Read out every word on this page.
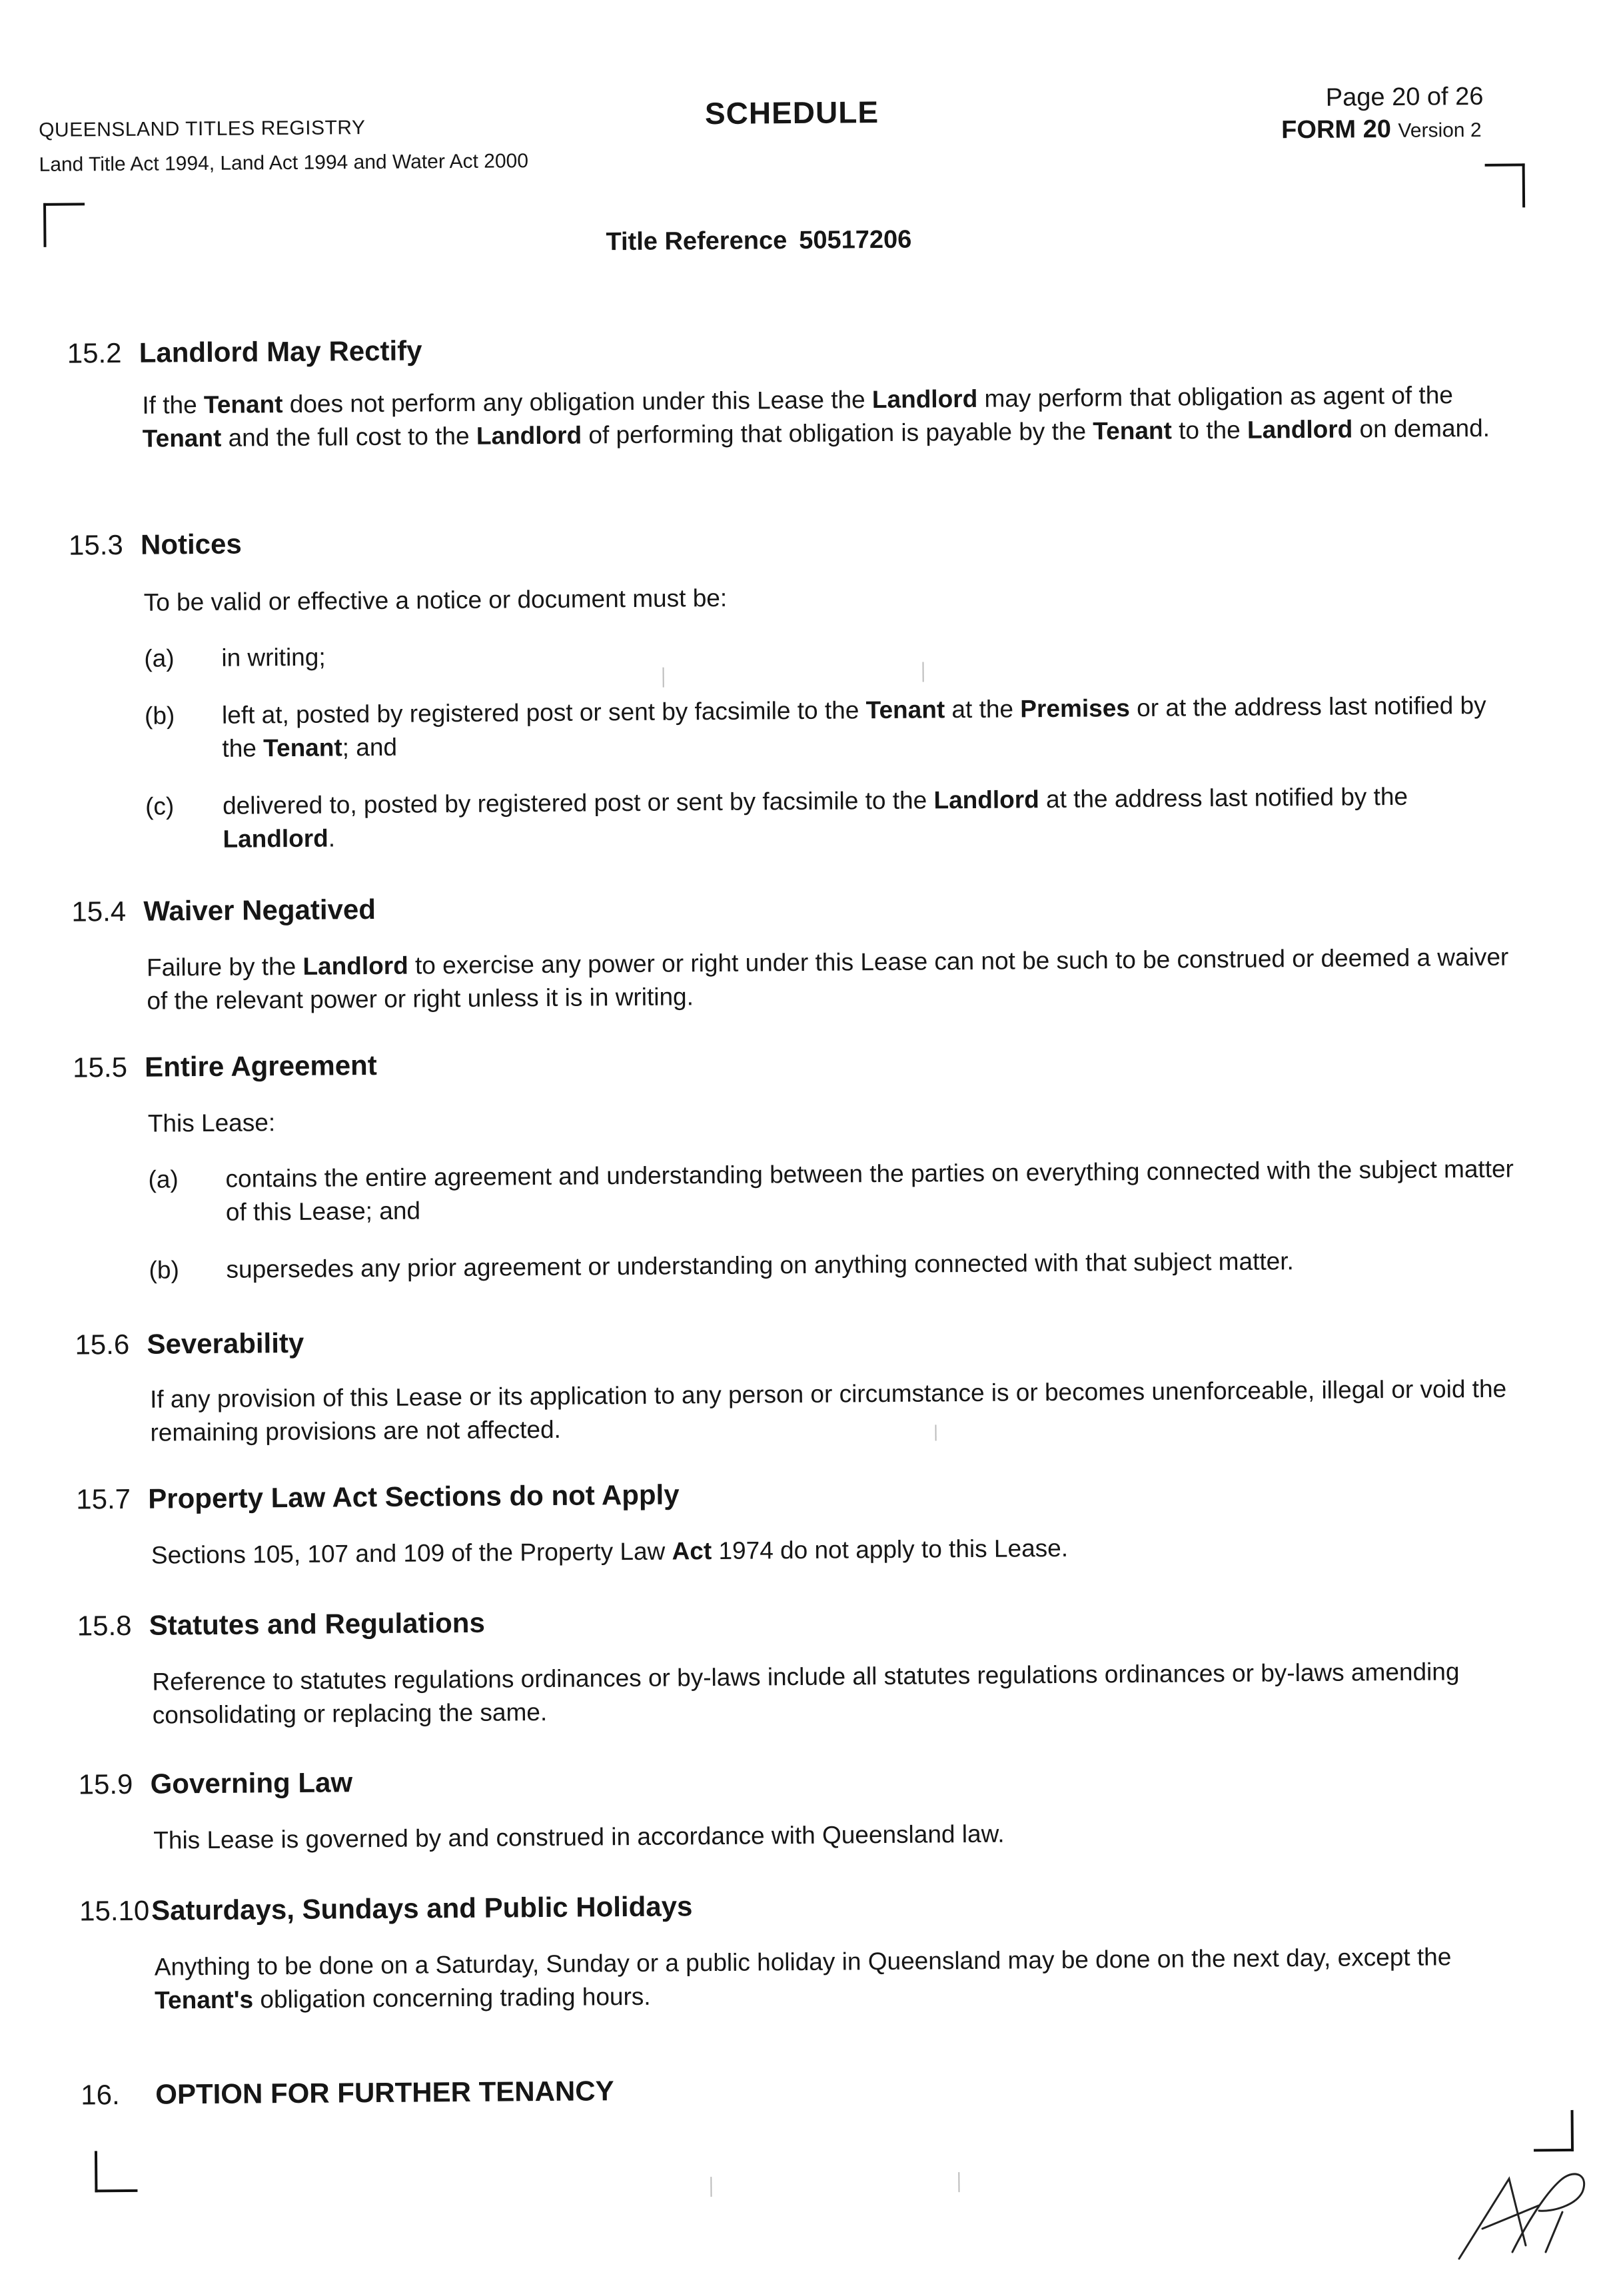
QUEENSLAND TITLES REGISTRY
Land Title Act 1994, Land Act 1994 and Water Act 2000
SCHEDULE	Page 20 of 26
FORM 20 Version 2
Title Reference 50517206
15.2 Landlord May Rectify
If the Tenant does not perform any obligation under this Lease the Landlord may perform that obligation as agent of the Tenant and the full cost to the Landlord of performing that obligation is payable by the Tenant to the Landlord on demand.
15.3 Notices
To be valid or effective a notice or document must be:
(a)	in writing;
(b)	left at, posted by registered post or sent by facsimile to the Tenant at the Premises or at the address last notified by the Tenant; and
(c)	delivered to, posted by registered post or sent by facsimile to the Landlord at the address last notified by the Landlord.
15.4 Waiver Negatived
Failure by the Landlord to exercise any power or right under this Lease can not be such to be construed or deemed a waiver of the relevant power or right unless it is in writing.
15.5 Entire Agreement
This Lease:
(a)	contains the entire agreement and understanding between the parties on everything connected with the subject matter of this Lease; and
(b)	supersedes any prior agreement or understanding on anything connected with that subject matter.
15.6 Severability
If any provision of this Lease or its application to any person or circumstance is or becomes unenforceable, illegal or void the remaining provisions are not affected.
15.7 Property Law Act Sections do not Apply
Sections 105, 107 and 109 of the Property Law Act 1974 do not apply to this Lease.
15.8 Statutes and Regulations
Reference to statutes regulations ordinances or by-laws include all statutes regulations ordinances or by-laws amending consolidating or replacing the same.
15.9 Governing Law
This Lease is governed by and construed in accordance with Queensland law.
15.10Saturdays, Sundays and Public Holidays
Anything to be done on a Saturday, Sunday or a public holiday in Queensland may be done on the next day, except the Tenant's obligation concerning trading hours.
16. OPTION FOR FURTHER TENANCY
